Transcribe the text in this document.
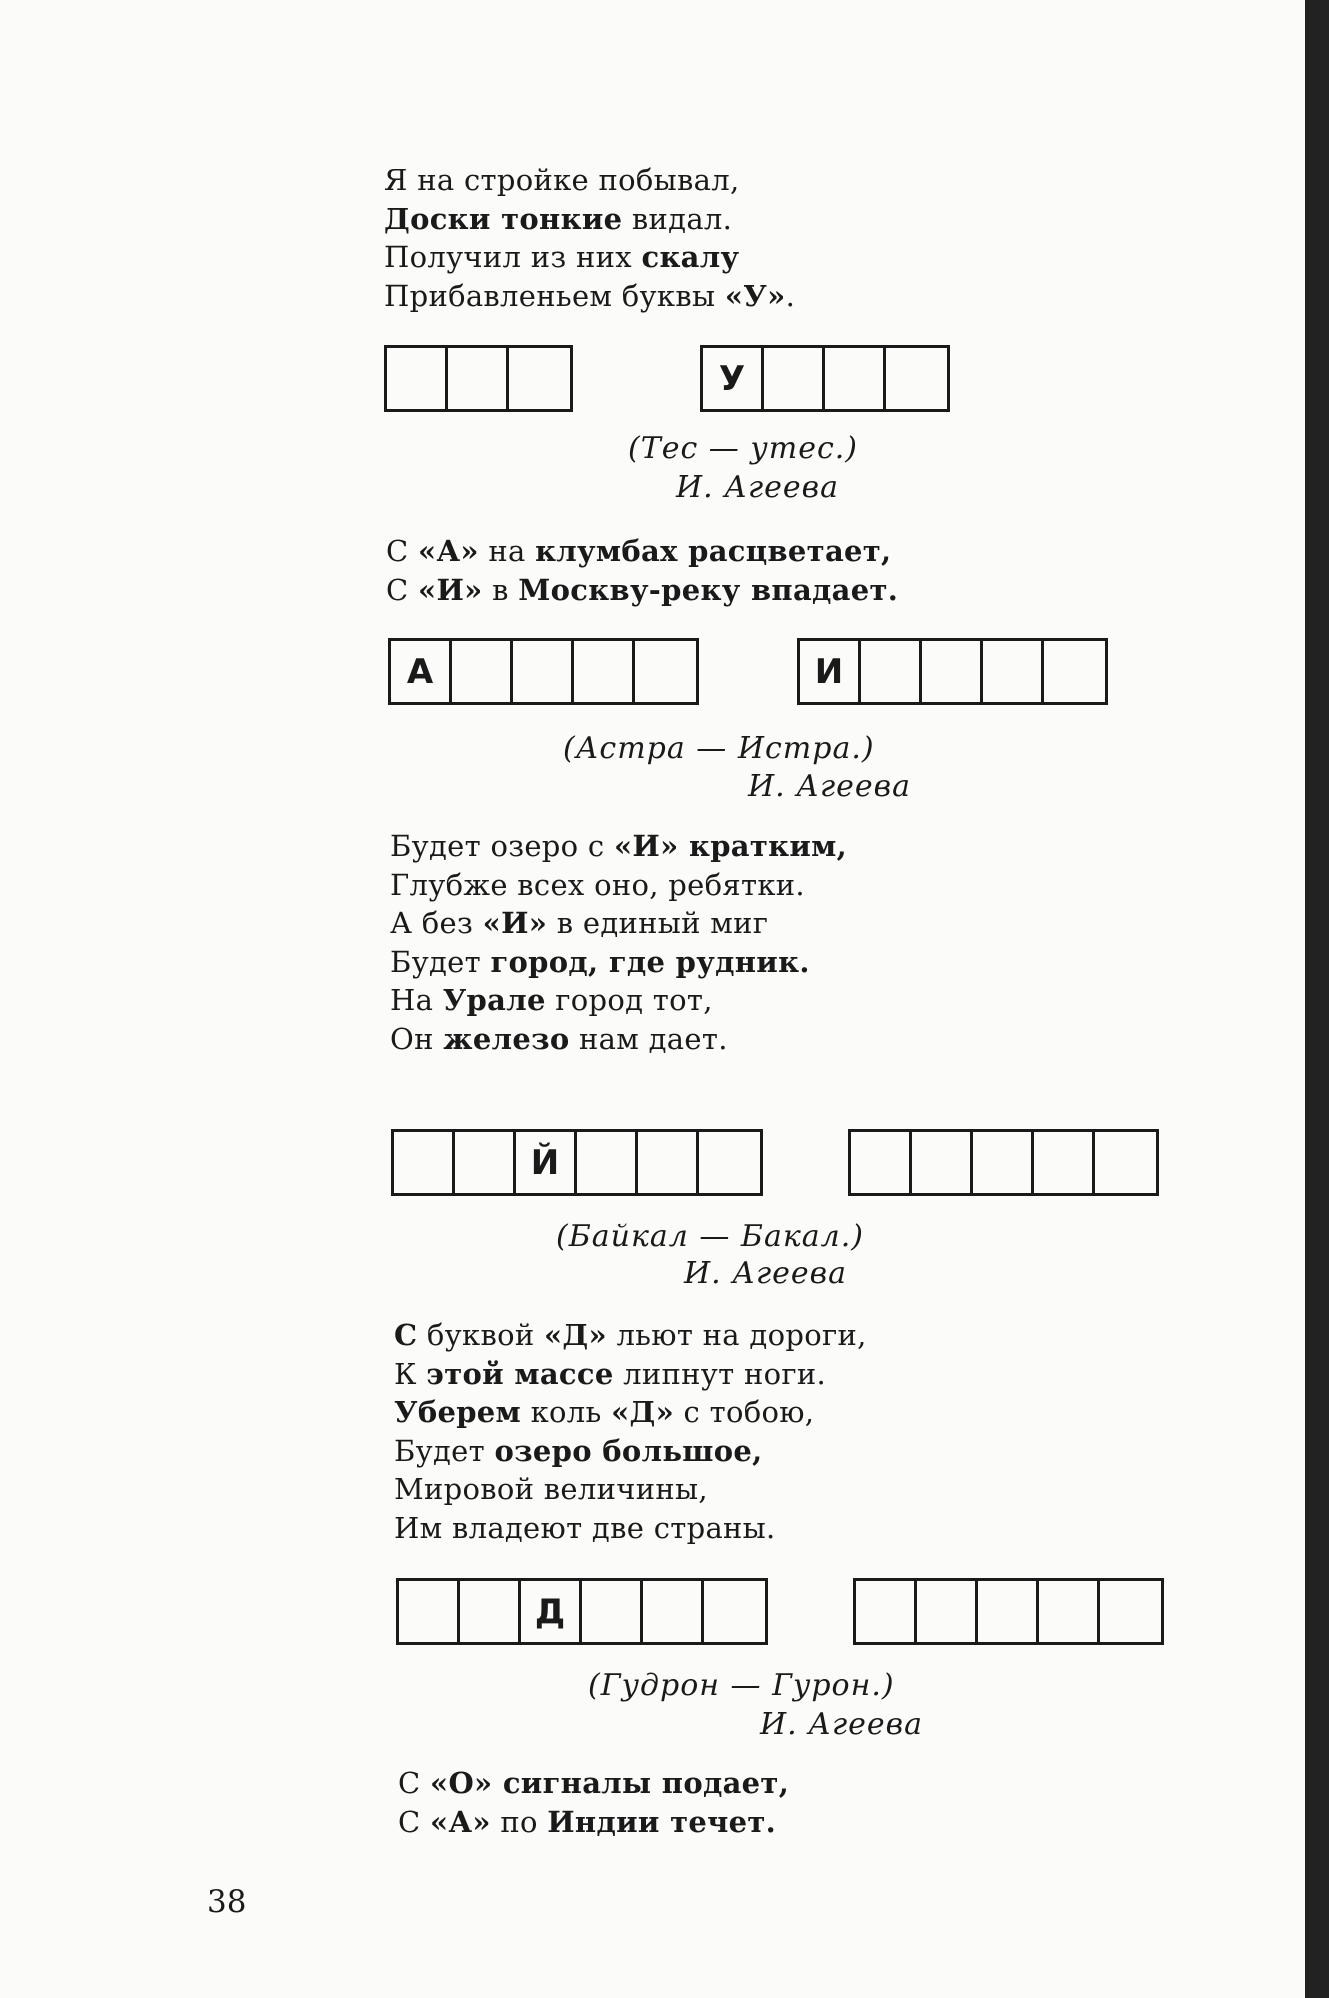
Я на стройке побывал,
Доски тонкие видал.
Получил из них скалу
Прибавленьем буквы «У».
У
(Тес — утес.)
И. Агеева
С «А» на клумбах расцветает,
С «И» в Москву-реку впадает.
А	И
(Астра — Истра.)
И. Агеева
Будет озеро с «И» кратким,
Глубже всех оно, ребятки.
А без «И» в единый миг
Будет город, где рудник.
На Урале город тот,
Он железо нам дает.
Й
(Байкал — Бакал.)
И. Агеева
С буквой «Д» льют на дороги,
К этой массе липнут ноги.
Уберем коль «Д» с тобою,
Будет озеро большое,
Мировой величины,
Им владеют две страны.
Д
(Гудрон — Гурон.)
И. Агеева
С «О» сигналы подает,
С «А» по Индии течет.
38
